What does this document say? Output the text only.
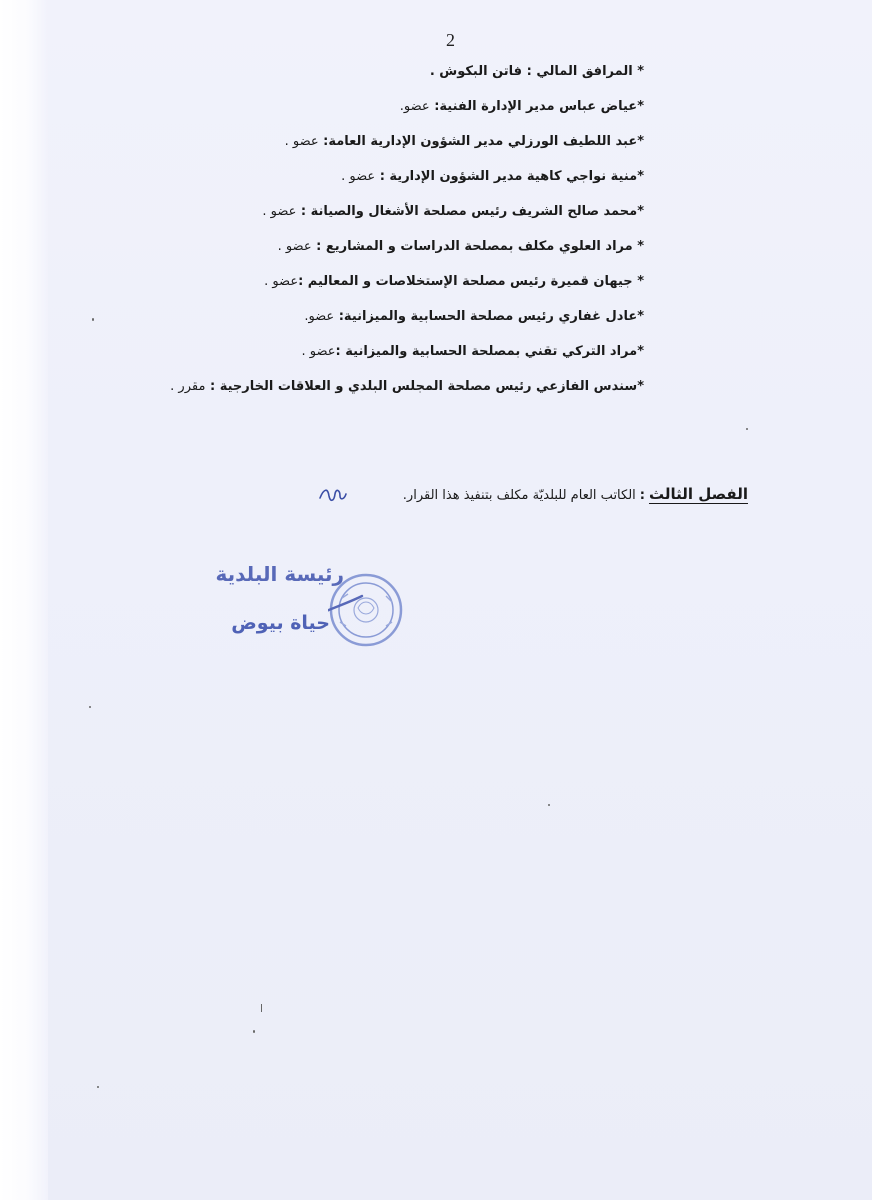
2
* المرافق المالي : فاتن البكوش .
*عياض عباس مدير الإدارة الفنية: عضو.
*عبد اللطيف الورزلي مدير الشؤون الإدارية العامة: عضو .
*منية نواجي كاهية مدير الشؤون الإدارية : عضو .
*محمد صالح الشريف رئيس مصلحة الأشغال والصيانة : عضو .
* مراد العلوي مكلف بمصلحة الدراسات و المشاريع : عضو .
* جيهان قميرة رئيس مصلحة الإستخلاصات و المعاليم :عضو .
*عادل غفاري رئيس مصلحة الحسابية والميزانية: عضو.
*مراد التركي تقني بمصلحة الحسابية والميزانية :عضو .
*سندس الفازعي رئيس مصلحة المجلس البلدي و العلاقات الخارجية : مقرر .
الفصل الثالث:الكاتب العام للبلديّة مكلف بتنفيذ هذا القرار.
رئيسة البلدية
حياة بيوض
